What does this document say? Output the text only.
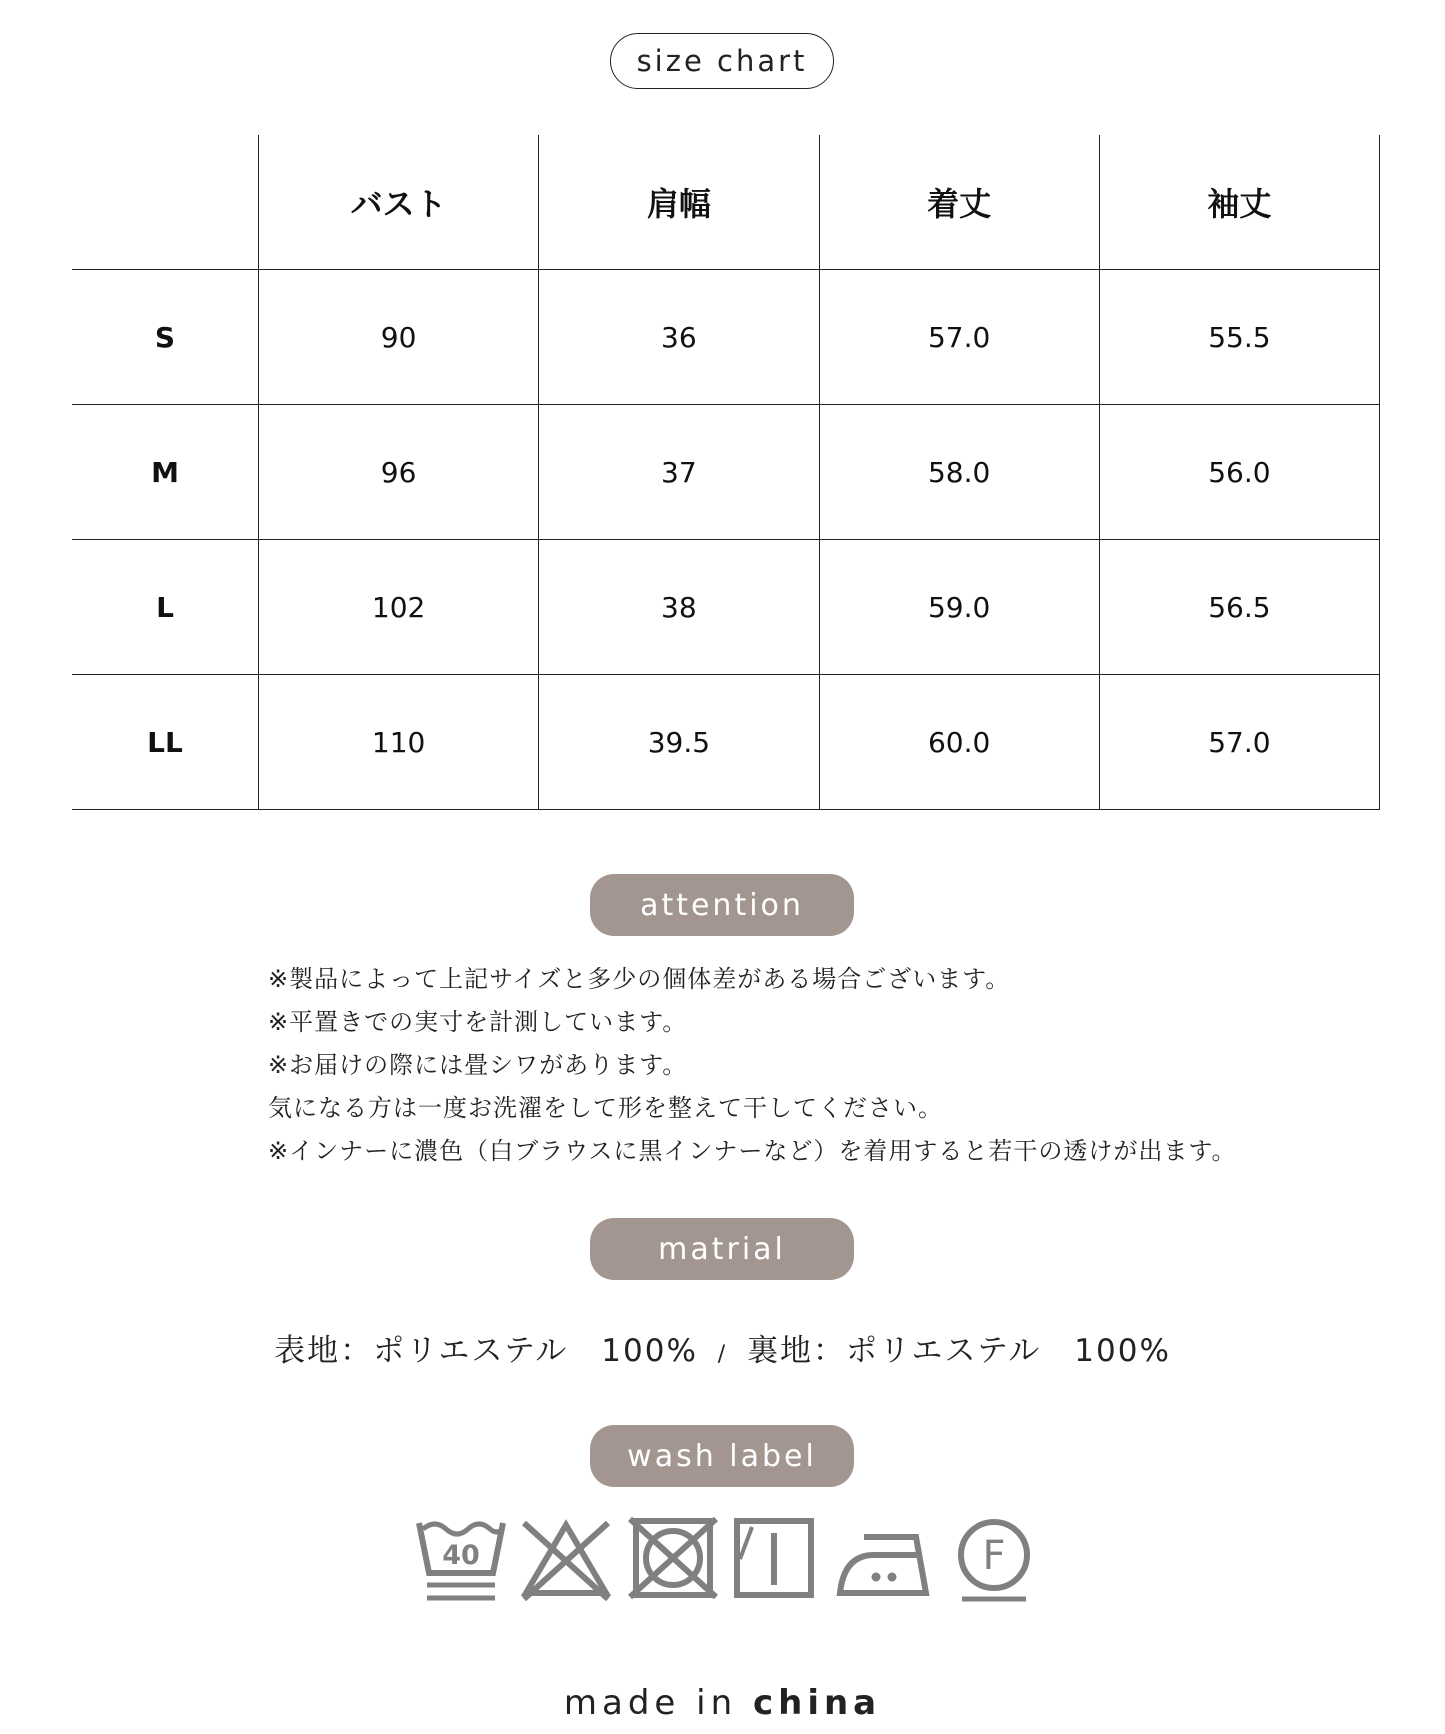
size chart
	バスト	肩幅	着丈	袖丈
S	90	36	57.0	55.5
M	96	37	58.0	56.0
L	102	38	59.0	56.5
LL	110	39.5	60.0	57.0
attention
※製品によって上記サイズと多少の個体差がある場合ございます。
※平置きでの実寸を計測しています。
※お届けの際には畳シワがあります。
気になる方は一度お洗濯をして形を整えて干してください。
※インナーに濃色（白ブラウスに黒インナーなど）を着用すると若干の透けが出ます。
matrial
表地：ポリエステル　100% / 裏地：ポリエステル　100%
wash label
40	F
made in china
